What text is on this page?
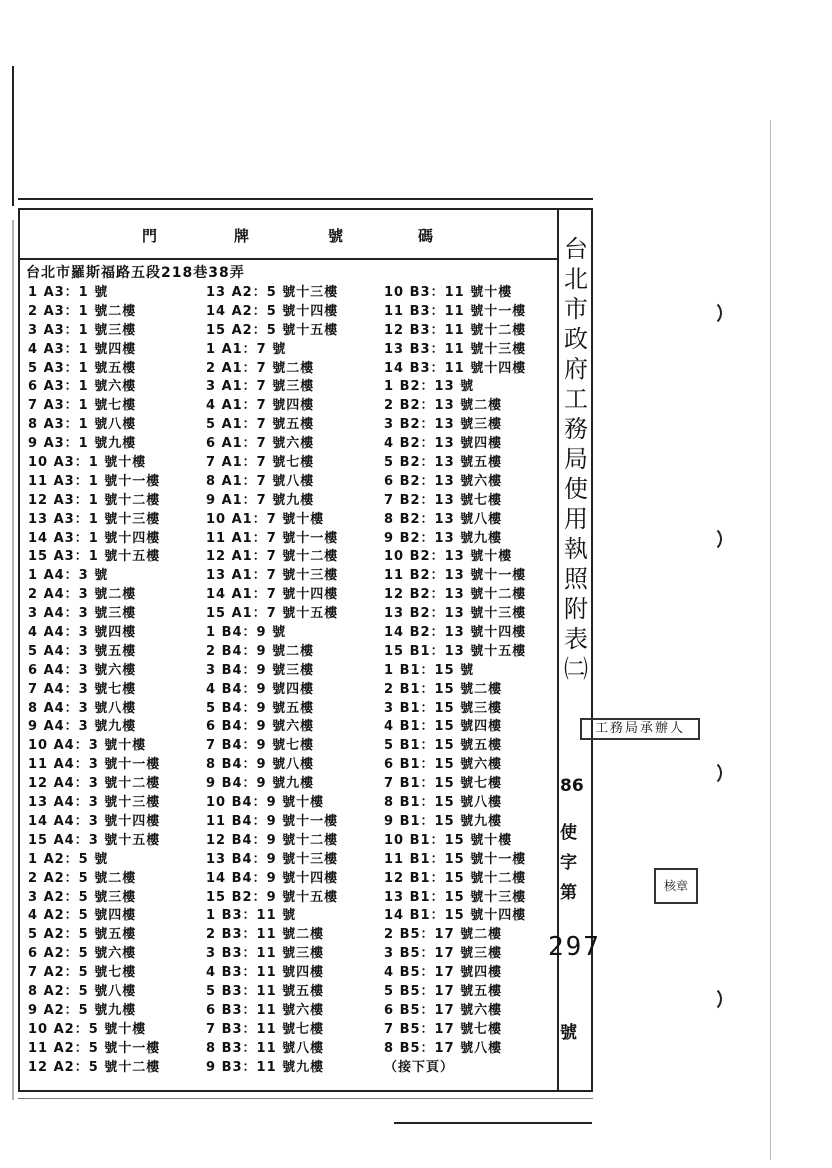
門	牌	號	碼
台北市羅斯福路五段218巷38弄
1 A3：1 號
2 A3：1 號二樓
3 A3：1 號三樓
4 A3：1 號四樓
5 A3：1 號五樓
6 A3：1 號六樓
7 A3：1 號七樓
8 A3：1 號八樓
9 A3：1 號九樓
10 A3：1 號十樓
11 A3：1 號十一樓
12 A3：1 號十二樓
13 A3：1 號十三樓
14 A3：1 號十四樓
15 A3：1 號十五樓
1 A4：3 號
2 A4：3 號二樓
3 A4：3 號三樓
4 A4：3 號四樓
5 A4：3 號五樓
6 A4：3 號六樓
7 A4：3 號七樓
8 A4：3 號八樓
9 A4：3 號九樓
10 A4：3 號十樓
11 A4：3 號十一樓
12 A4：3 號十二樓
13 A4：3 號十三樓
14 A4：3 號十四樓
15 A4：3 號十五樓
1 A2：5 號
2 A2：5 號二樓
3 A2：5 號三樓
4 A2：5 號四樓
5 A2：5 號五樓
6 A2：5 號六樓
7 A2：5 號七樓
8 A2：5 號八樓
9 A2：5 號九樓
10 A2：5 號十樓
11 A2：5 號十一樓
12 A2：5 號十二樓
13 A2：5 號十三樓
14 A2：5 號十四樓
15 A2：5 號十五樓
1 A1：7 號
2 A1：7 號二樓
3 A1：7 號三樓
4 A1：7 號四樓
5 A1：7 號五樓
6 A1：7 號六樓
7 A1：7 號七樓
8 A1：7 號八樓
9 A1：7 號九樓
10 A1：7 號十樓
11 A1：7 號十一樓
12 A1：7 號十二樓
13 A1：7 號十三樓
14 A1：7 號十四樓
15 A1：7 號十五樓
1 B4：9 號
2 B4：9 號二樓
3 B4：9 號三樓
4 B4：9 號四樓
5 B4：9 號五樓
6 B4：9 號六樓
7 B4：9 號七樓
8 B4：9 號八樓
9 B4：9 號九樓
10 B4：9 號十樓
11 B4：9 號十一樓
12 B4：9 號十二樓
13 B4：9 號十三樓
14 B4：9 號十四樓
15 B2：9 號十五樓
1 B3：11 號
2 B3：11 號二樓
3 B3：11 號三樓
4 B3：11 號四樓
5 B3：11 號五樓
6 B3：11 號六樓
7 B3：11 號七樓
8 B3：11 號八樓
9 B3：11 號九樓
10 B3：11 號十樓
11 B3：11 號十一樓
12 B3：11 號十二樓
13 B3：11 號十三樓
14 B3：11 號十四樓
1 B2：13 號
2 B2：13 號二樓
3 B2：13 號三樓
4 B2：13 號四樓
5 B2：13 號五樓
6 B2：13 號六樓
7 B2：13 號七樓
8 B2：13 號八樓
9 B2：13 號九樓
10 B2：13 號十樓
11 B2：13 號十一樓
12 B2：13 號十二樓
13 B2：13 號十三樓
14 B2：13 號十四樓
15 B1：13 號十五樓
1 B1：15 號
2 B1：15 號二樓
3 B1：15 號三樓
4 B1：15 號四樓
5 B1：15 號五樓
6 B1：15 號六樓
7 B1：15 號七樓
8 B1：15 號八樓
9 B1：15 號九樓
10 B1：15 號十樓
11 B1：15 號十一樓
12 B1：15 號十二樓
13 B1：15 號十三樓
14 B1：15 號十四樓
2 B5：17 號二樓
3 B5：17 號三樓
4 B5：17 號四樓
5 B5：17 號五樓
6 B5：17 號六樓
7 B5：17 號七樓
8 B5：17 號八樓
（接下頁）
台
北
市
政
府
工
務
局
使
用
執
照
附
表
㈡
工務局承辦人
86
使
字
第
297
號
核章
